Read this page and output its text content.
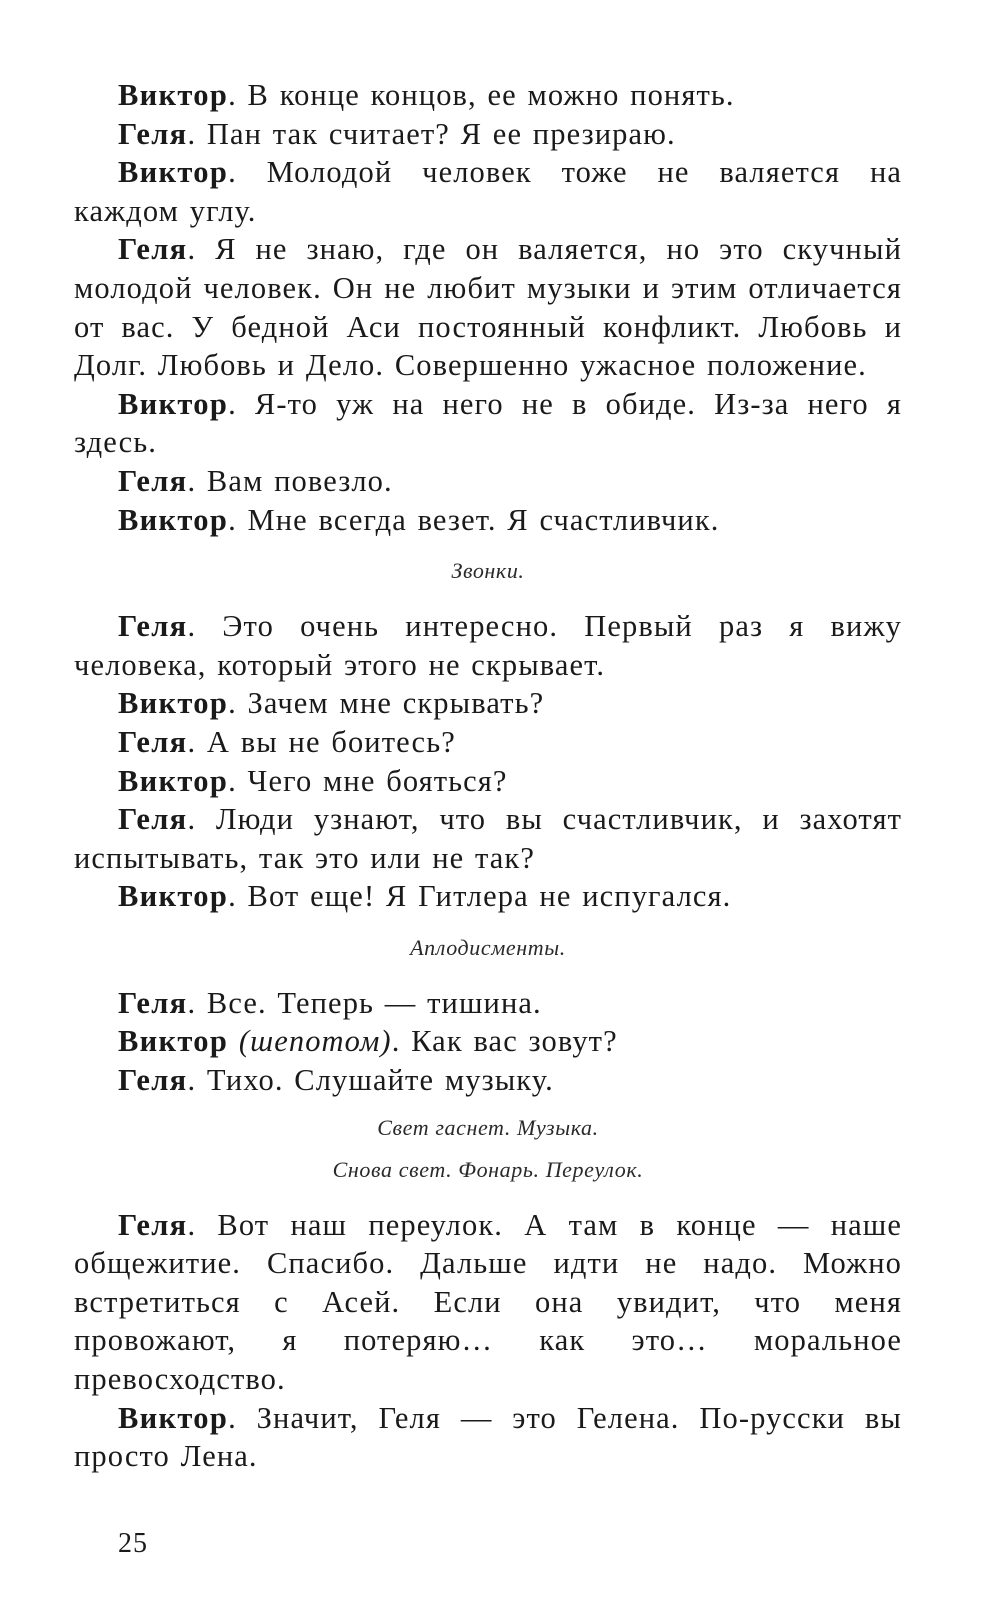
Виктор. В конце концов, ее можно понять.

Геля. Пан так считает? Я ее презираю.

Виктор. Молодой человек тоже не валяется на каждом углу.

Геля. Я не знаю, где он валяется, но это скучный молодой человек. Он не любит музыки и этим отличается от вас. У бедной Аси постоянный конфликт. Любовь и Долг. Любовь и Дело. Совершенно ужасное положение.

Виктор. Я-то уж на него не в обиде. Из-за него я здесь.

Геля. Вам повезло.

Виктор. Мне всегда везет. Я счастливчик.

Звонки.

Геля. Это очень интересно. Первый раз я вижу человека, который этого не скрывает.

Виктор. Зачем мне скрывать?

Геля. А вы не боитесь?

Виктор. Чего мне бояться?

Геля. Люди узнают, что вы счастливчик, и захотят испытывать, так это или не так?

Виктор. Вот еще! Я Гитлера не испугался.

Аплодисменты.

Геля. Все. Теперь — тишина.

Виктор (шепотом). Как вас зовут?

Геля. Тихо. Слушайте музыку.

Свет гаснет. Музыка.

Снова свет. Фонарь. Переулок.

Геля. Вот наш переулок. А там в конце — наше общежитие. Спасибо. Дальше идти не надо. Можно встретиться с Асей. Если она увидит, что меня провожают, я потеряю… как это… моральное превосходство.

Виктор. Значит, Геля — это Гелена. По-русски вы просто Лена.

25
